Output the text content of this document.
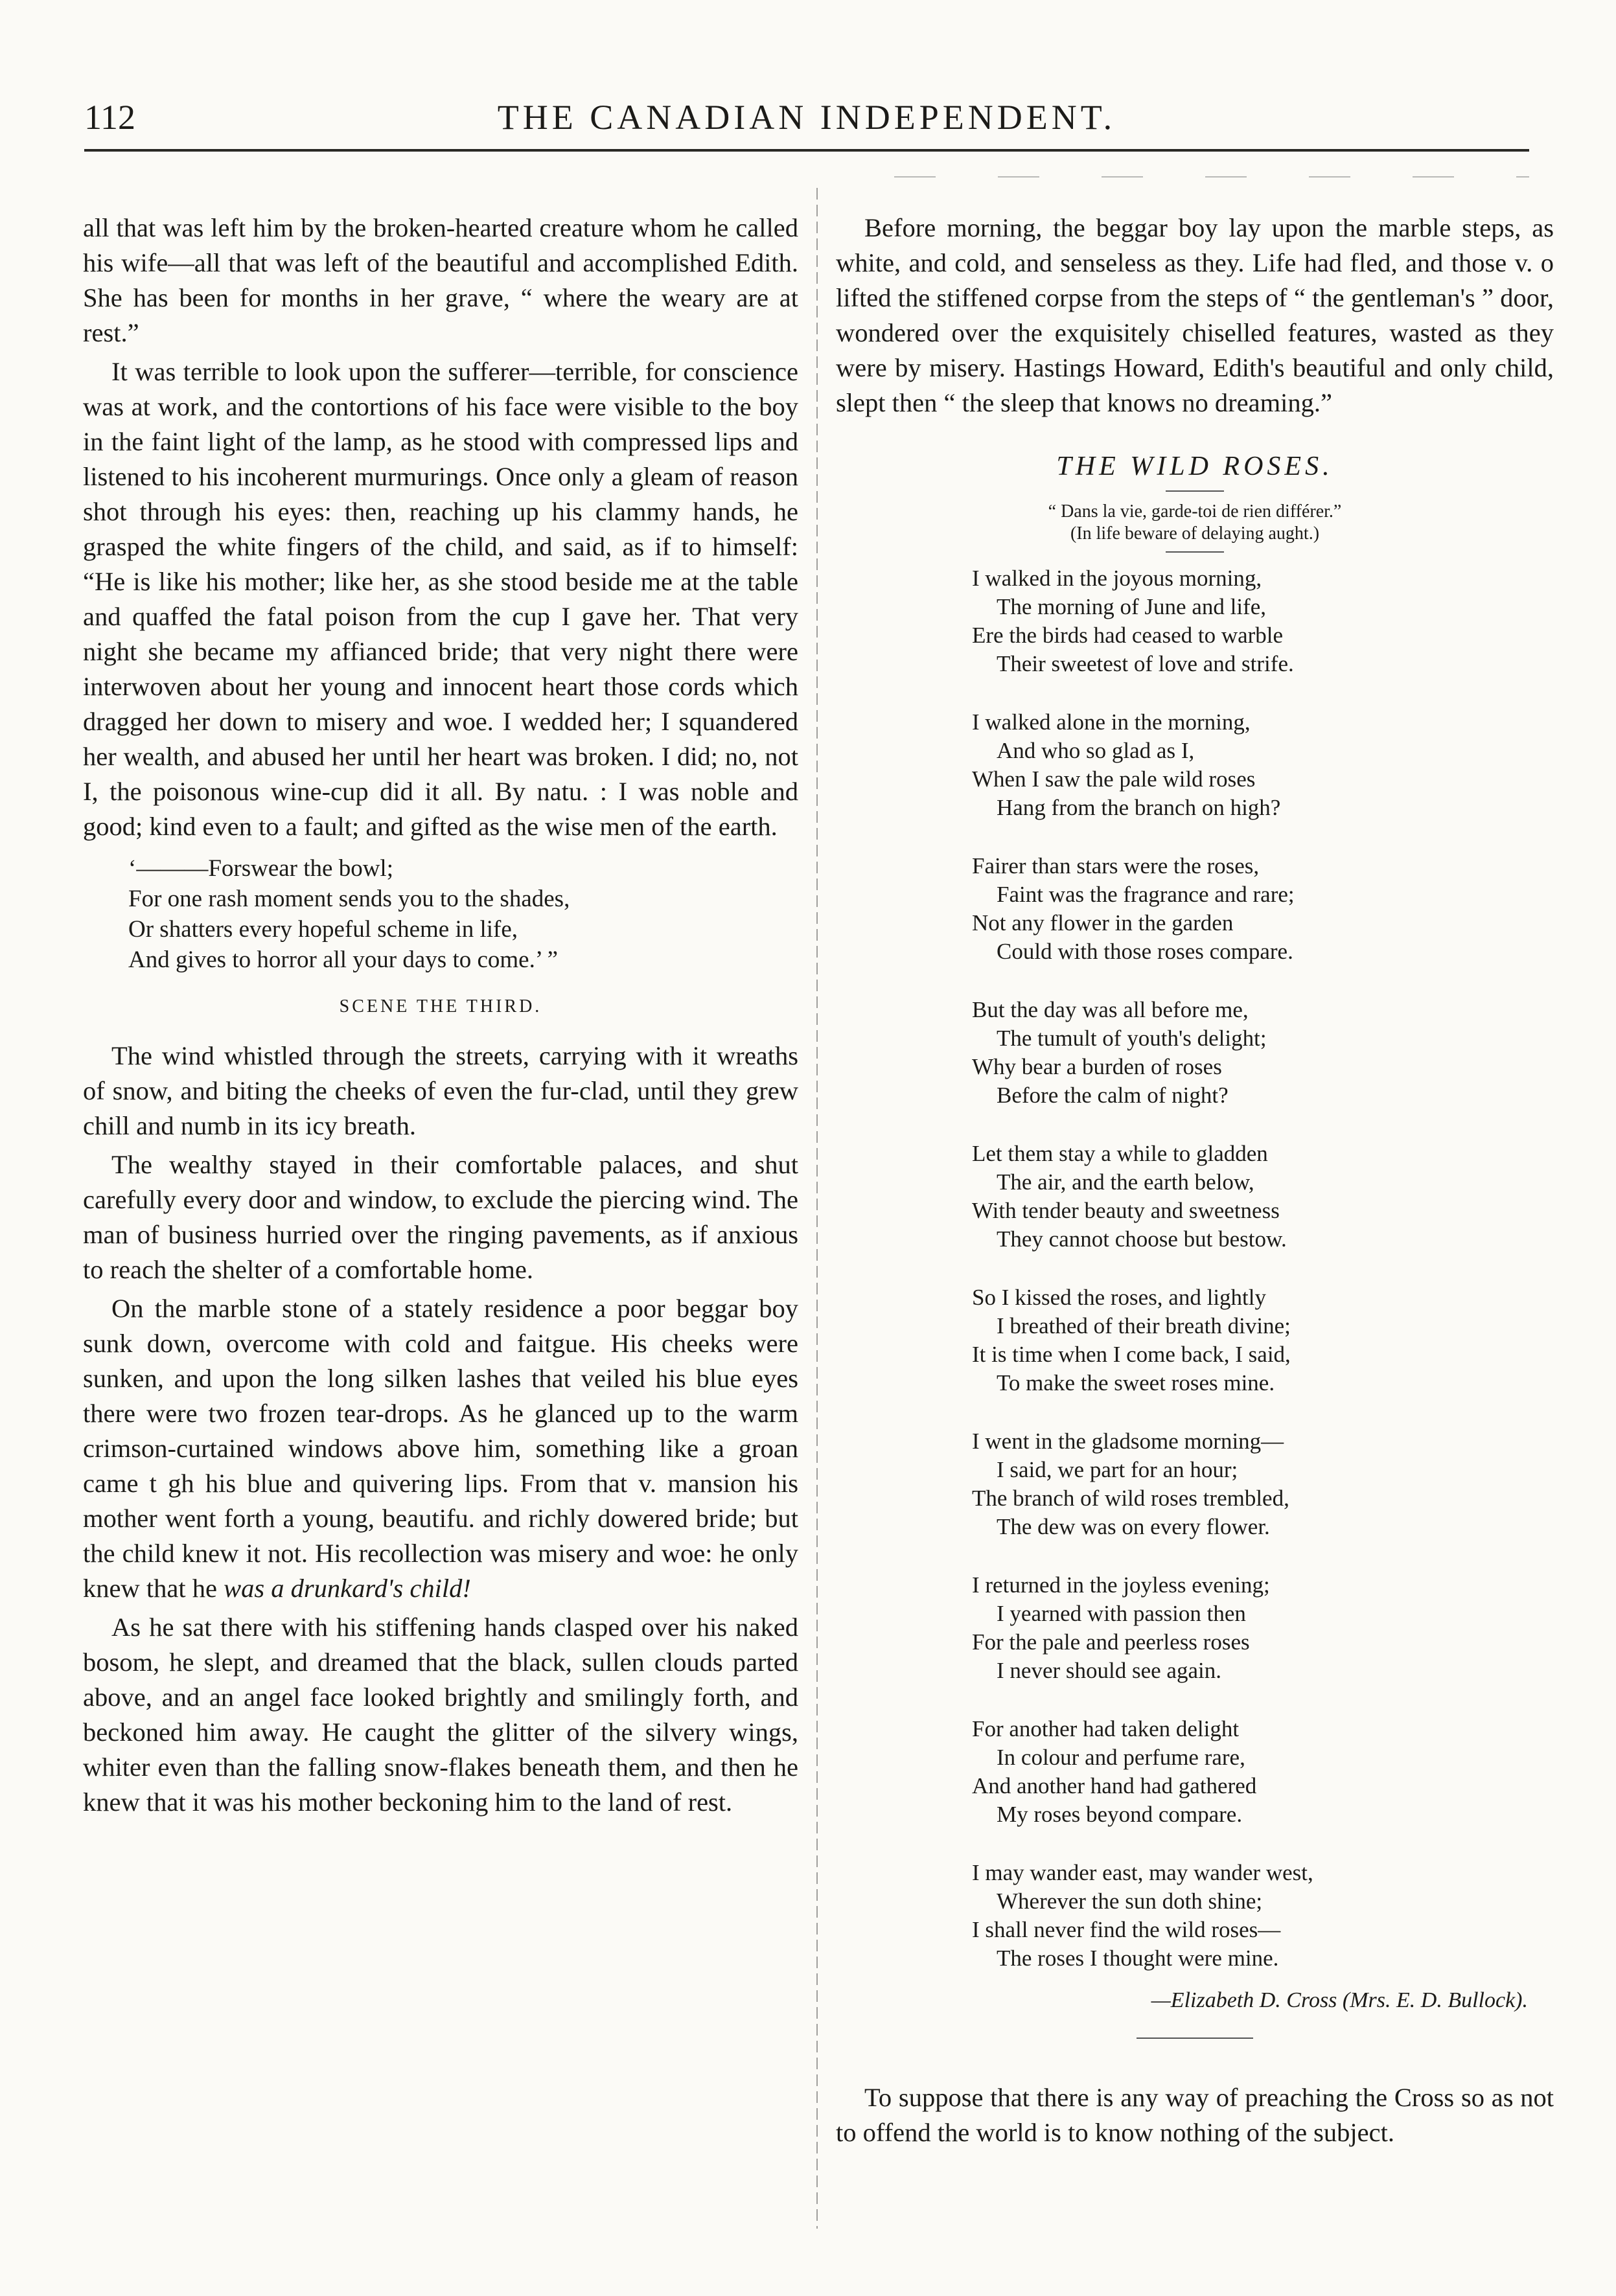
112	THE CANADIAN INDEPENDENT.

all that was left him by the broken-hearted creature whom he called his wife—all that was left of the beautiful and accomplished Edith. She has been for months in her grave, “ where the weary are at rest.”

It was terrible to look upon the sufferer—terrible, for conscience was at work, and the contortions of his face were visible to the boy in the faint light of the lamp, as he stood with compressed lips and listened to his incoherent murmurings. Once only a gleam of reason shot through his eyes: then, reaching up his clammy hands, he grasped the white fingers of the child, and said, as if to himself: “He is like his mother; like her, as she stood beside me at the table and quaffed the fatal poison from the cup I gave her. That very night she became my affianced bride; that very night there were interwoven about her young and innocent heart those cords which dragged her down to misery and woe. I wedded her; I squandered her wealth, and abused her until her heart was broken. I did; no, not I, the poisonous wine-cup did it all. By natu. : I was noble and good; kind even to a fault; and gifted as the wise men of the earth.

‘———Forswear the bowl;
For one rash moment sends you to the shades,
Or shatters every hopeful scheme in life,
And gives to horror all your days to come.’ ”
SCENE THE THIRD.

The wind whistled through the streets, carrying with it wreaths of snow, and biting the cheeks of even the fur-clad, until they grew chill and numb in its icy breath.

The wealthy stayed in their comfortable palaces, and shut carefully every door and window, to exclude the piercing wind. The man of business hurried over the ringing pavements, as if anxious to reach the shelter of a comfortable home.

On the marble stone of a stately residence a poor beggar boy sunk down, overcome with cold and faitgue. His cheeks were sunken, and upon the long silken lashes that veiled his blue eyes there were two frozen tear-drops. As he glanced up to the warm crimson-curtained windows above him, something like a groan came t gh his blue and quivering lips. From that v. mansion his mother went forth a young, beautifu. and richly dowered bride; but the child knew it not. His recollection was misery and woe: he only knew that he was a drunkard's child!

As he sat there with his stiffening hands clasped over his naked bosom, he slept, and dreamed that the black, sullen clouds parted above, and an angel face looked brightly and smilingly forth, and beckoned him away. He caught the glitter of the silvery wings, whiter even than the falling snow-flakes beneath them, and then he knew that it was his mother beckoning him to the land of rest.

Before morning, the beggar boy lay upon the marble steps, as white, and cold, and senseless as they. Life had fled, and those v. o lifted the stiffened corpse from the steps of “ the gentleman's ” door, wondered over the exquisitely chiselled features, wasted as they were by misery. Hastings Howard, Edith's beautiful and only child, slept then “ the sleep that knows no dreaming.”

THE WILD ROSES.
“ Dans la vie, garde-toi de rien différer.”
(In life beware of delaying aught.)
I walked in the joyous morning,
The morning of June and life,
Ere the birds had ceased to warble
Their sweetest of love and strife.
I walked alone in the morning,
And who so glad as I,
When I saw the pale wild roses
Hang from the branch on high?
Fairer than stars were the roses,
Faint was the fragrance and rare;
Not any flower in the garden
Could with those roses compare.
But the day was all before me,
The tumult of youth's delight;
Why bear a burden of roses
Before the calm of night?
Let them stay a while to gladden
The air, and the earth below,
With tender beauty and sweetness
They cannot choose but bestow.
So I kissed the roses, and lightly
I breathed of their breath divine;
It is time when I come back, I said,
To make the sweet roses mine.
I went in the gladsome morning—
I said, we part for an hour;
The branch of wild roses trembled,
The dew was on every flower.
I returned in the joyless evening;
I yearned with passion then
For the pale and peerless roses
I never should see again.
For another had taken delight
In colour and perfume rare,
And another hand had gathered
My roses beyond compare.
I may wander east, may wander west,
Wherever the sun doth shine;
I shall never find the wild roses—
The roses I thought were mine.
—Elizabeth D. Cross (Mrs. E. D. Bullock).

To suppose that there is any way of preaching the Cross so as not to offend the world is to know nothing of the subject.
